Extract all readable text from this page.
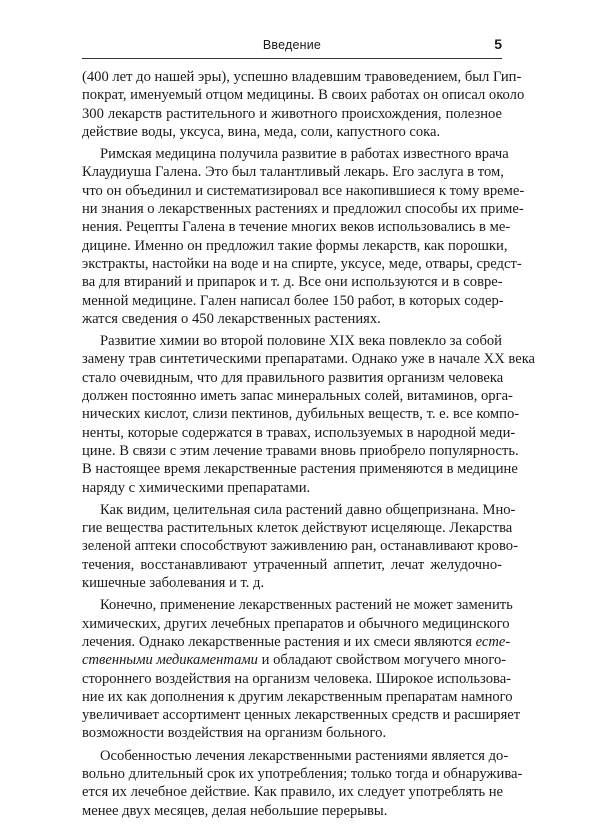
Введение	5

(400 лет до нашей эры), успешно владевшим травоведением, был Гип-
пократ, именуемый отцом медицины. В своих работах он описал около
300 лекарств растительного и животного происхождения, полезное
действие воды, уксуса, вина, меда, соли, капустного сока.

Римская медицина получила развитие в работах известного врача
Клаудиуша Галена. Это был талантливый лекарь. Его заслуга в том,
что он объединил и систематизировал все накопившиеся к тому време-
ни знания о лекарственных растениях и предложил способы их приме-
нения. Рецепты Галена в течение многих веков использовались в ме-
дицине. Именно он предложил такие формы лекарств, как порошки,
экстракты, настойки на воде и на спирте, уксусе, меде, отвары, средст-
ва для втираний и припарок и т. д. Все они используются и в совре-
менной медицине. Гален написал более 150 работ, в которых содер-
жатся сведения о 450 лекарственных растениях.

Развитие химии во второй половине XIX века повлекло за собой
замену трав синтетическими препаратами. Однако уже в начале XX века
стало очевидным, что для правильного развития организм человека
должен постоянно иметь запас минеральных солей, витаминов, орга-
нических кислот, слизи пектинов, дубильных веществ, т. е. все компо-
ненты, которые содержатся в травах, используемых в народной меди-
цине. В связи с этим лечение травами вновь приобрело популярность.
В настоящее время лекарственные растения применяются в медицине
наряду с химическими препаратами.

Как видим, целительная сила растений давно общепризнана. Мно-
гие вещества растительных клеток действуют исцеляюще. Лекарства
зеленой аптеки способствуют заживлению ран, останавливают крово-
течения, восстанавливают утраченный аппетит, лечат желудочно-
кишечные заболевания и т. д.

Конечно, применение лекарственных растений не может заменить
химических, других лечебных препаратов и обычного медицинского
лечения. Однако лекарственные растения и их смеси являются есте-
ственными медикаментами и обладают свойством могучего много-
стороннего воздействия на организм человека. Широкое использова-
ние их как дополнения к другим лекарственным препаратам намного
увеличивает ассортимент ценных лекарственных средств и расширяет
возможности воздействия на организм больного.

Особенностью лечения лекарственными растениями является до-
вольно длительный срок их употребления; только тогда и обнаружива-
ется их лечебное действие. Как правило, их следует употреблять не
менее двух месяцев, делая небольшие перерывы.
